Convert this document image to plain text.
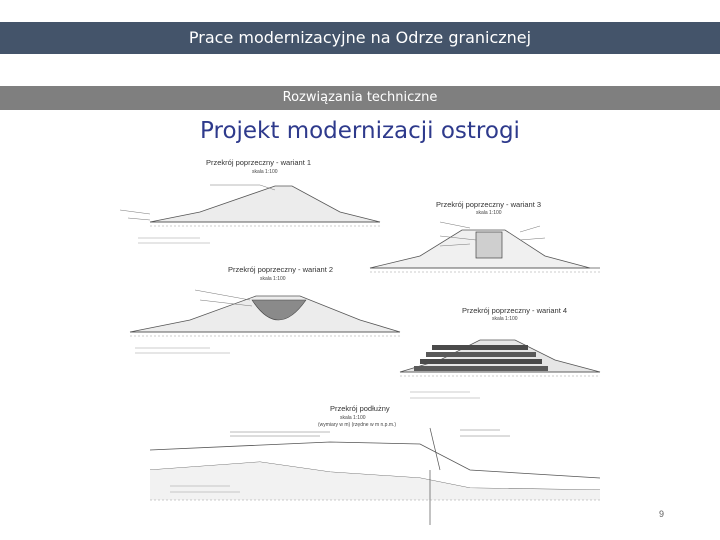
Prace modernizacyjne na Odrze granicznej
Rozwiązania techniczne
Projekt modernizacji ostrogi
Przekrój poprzeczny - wariant 1
skala 1:100
Przekrój poprzeczny - wariant 3
skala 1:100
Przekrój poprzeczny - wariant 2
skala 1:100
Przekrój poprzeczny - wariant 4
skala 1:100
Przekrój podłużny
skala 1:100
(wymiary w m) (rzędne w m n.p.m.)
9
